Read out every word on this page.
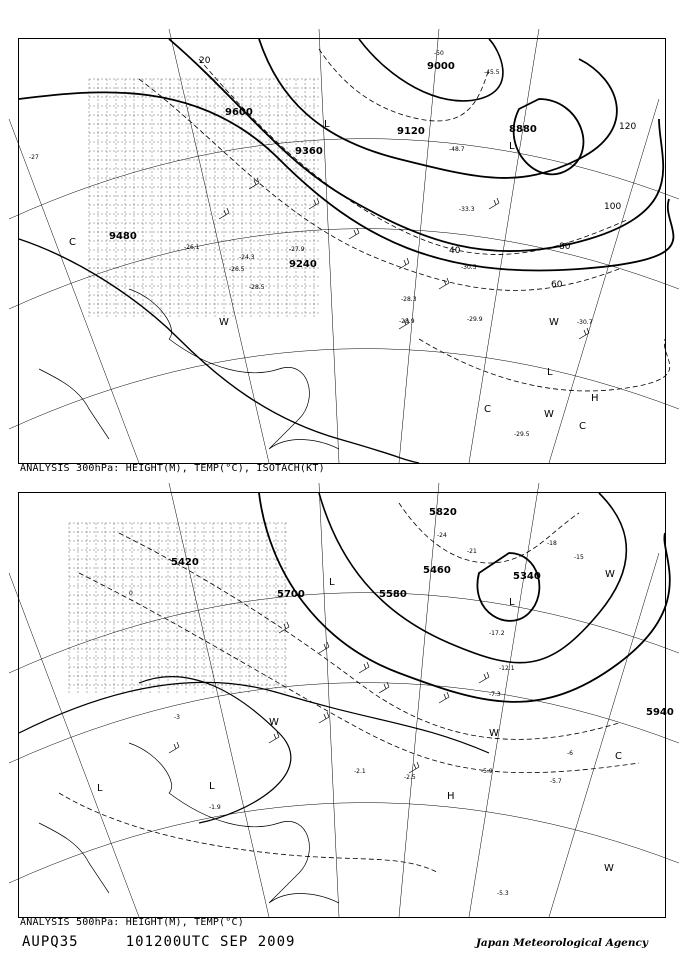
9600
9360
9120	8880
9000
9240
9480
20
40
60
80
100
120
-27
-29.9	-30.7
-29.5
-28.3
-28.9
-30.5
-33.3
-45.5
-50
-48.7
-27.9
-26.5
-24.3
-28.5
-26.1
L
L
L
H
C
C
C
W	W
W
ANALYSIS 300hPa: HEIGHT(M), TEMP(°C), ISOTACH(KT)
5700	5580
5460
5340
5820
5940
5420
-24
-21
-18
-15
-3
-6
0
-5.3
-5.9
-5.7
-1.9
-2.5
-2.1
-12.1
-17.2
-7.3
L	L
L
L
H
C
W
W
W
W
ANALYSIS 500hPa: HEIGHT(M), TEMP(°C)
AUPQ35	101200UTC SEP 2009	Japan Meteorological Agency
